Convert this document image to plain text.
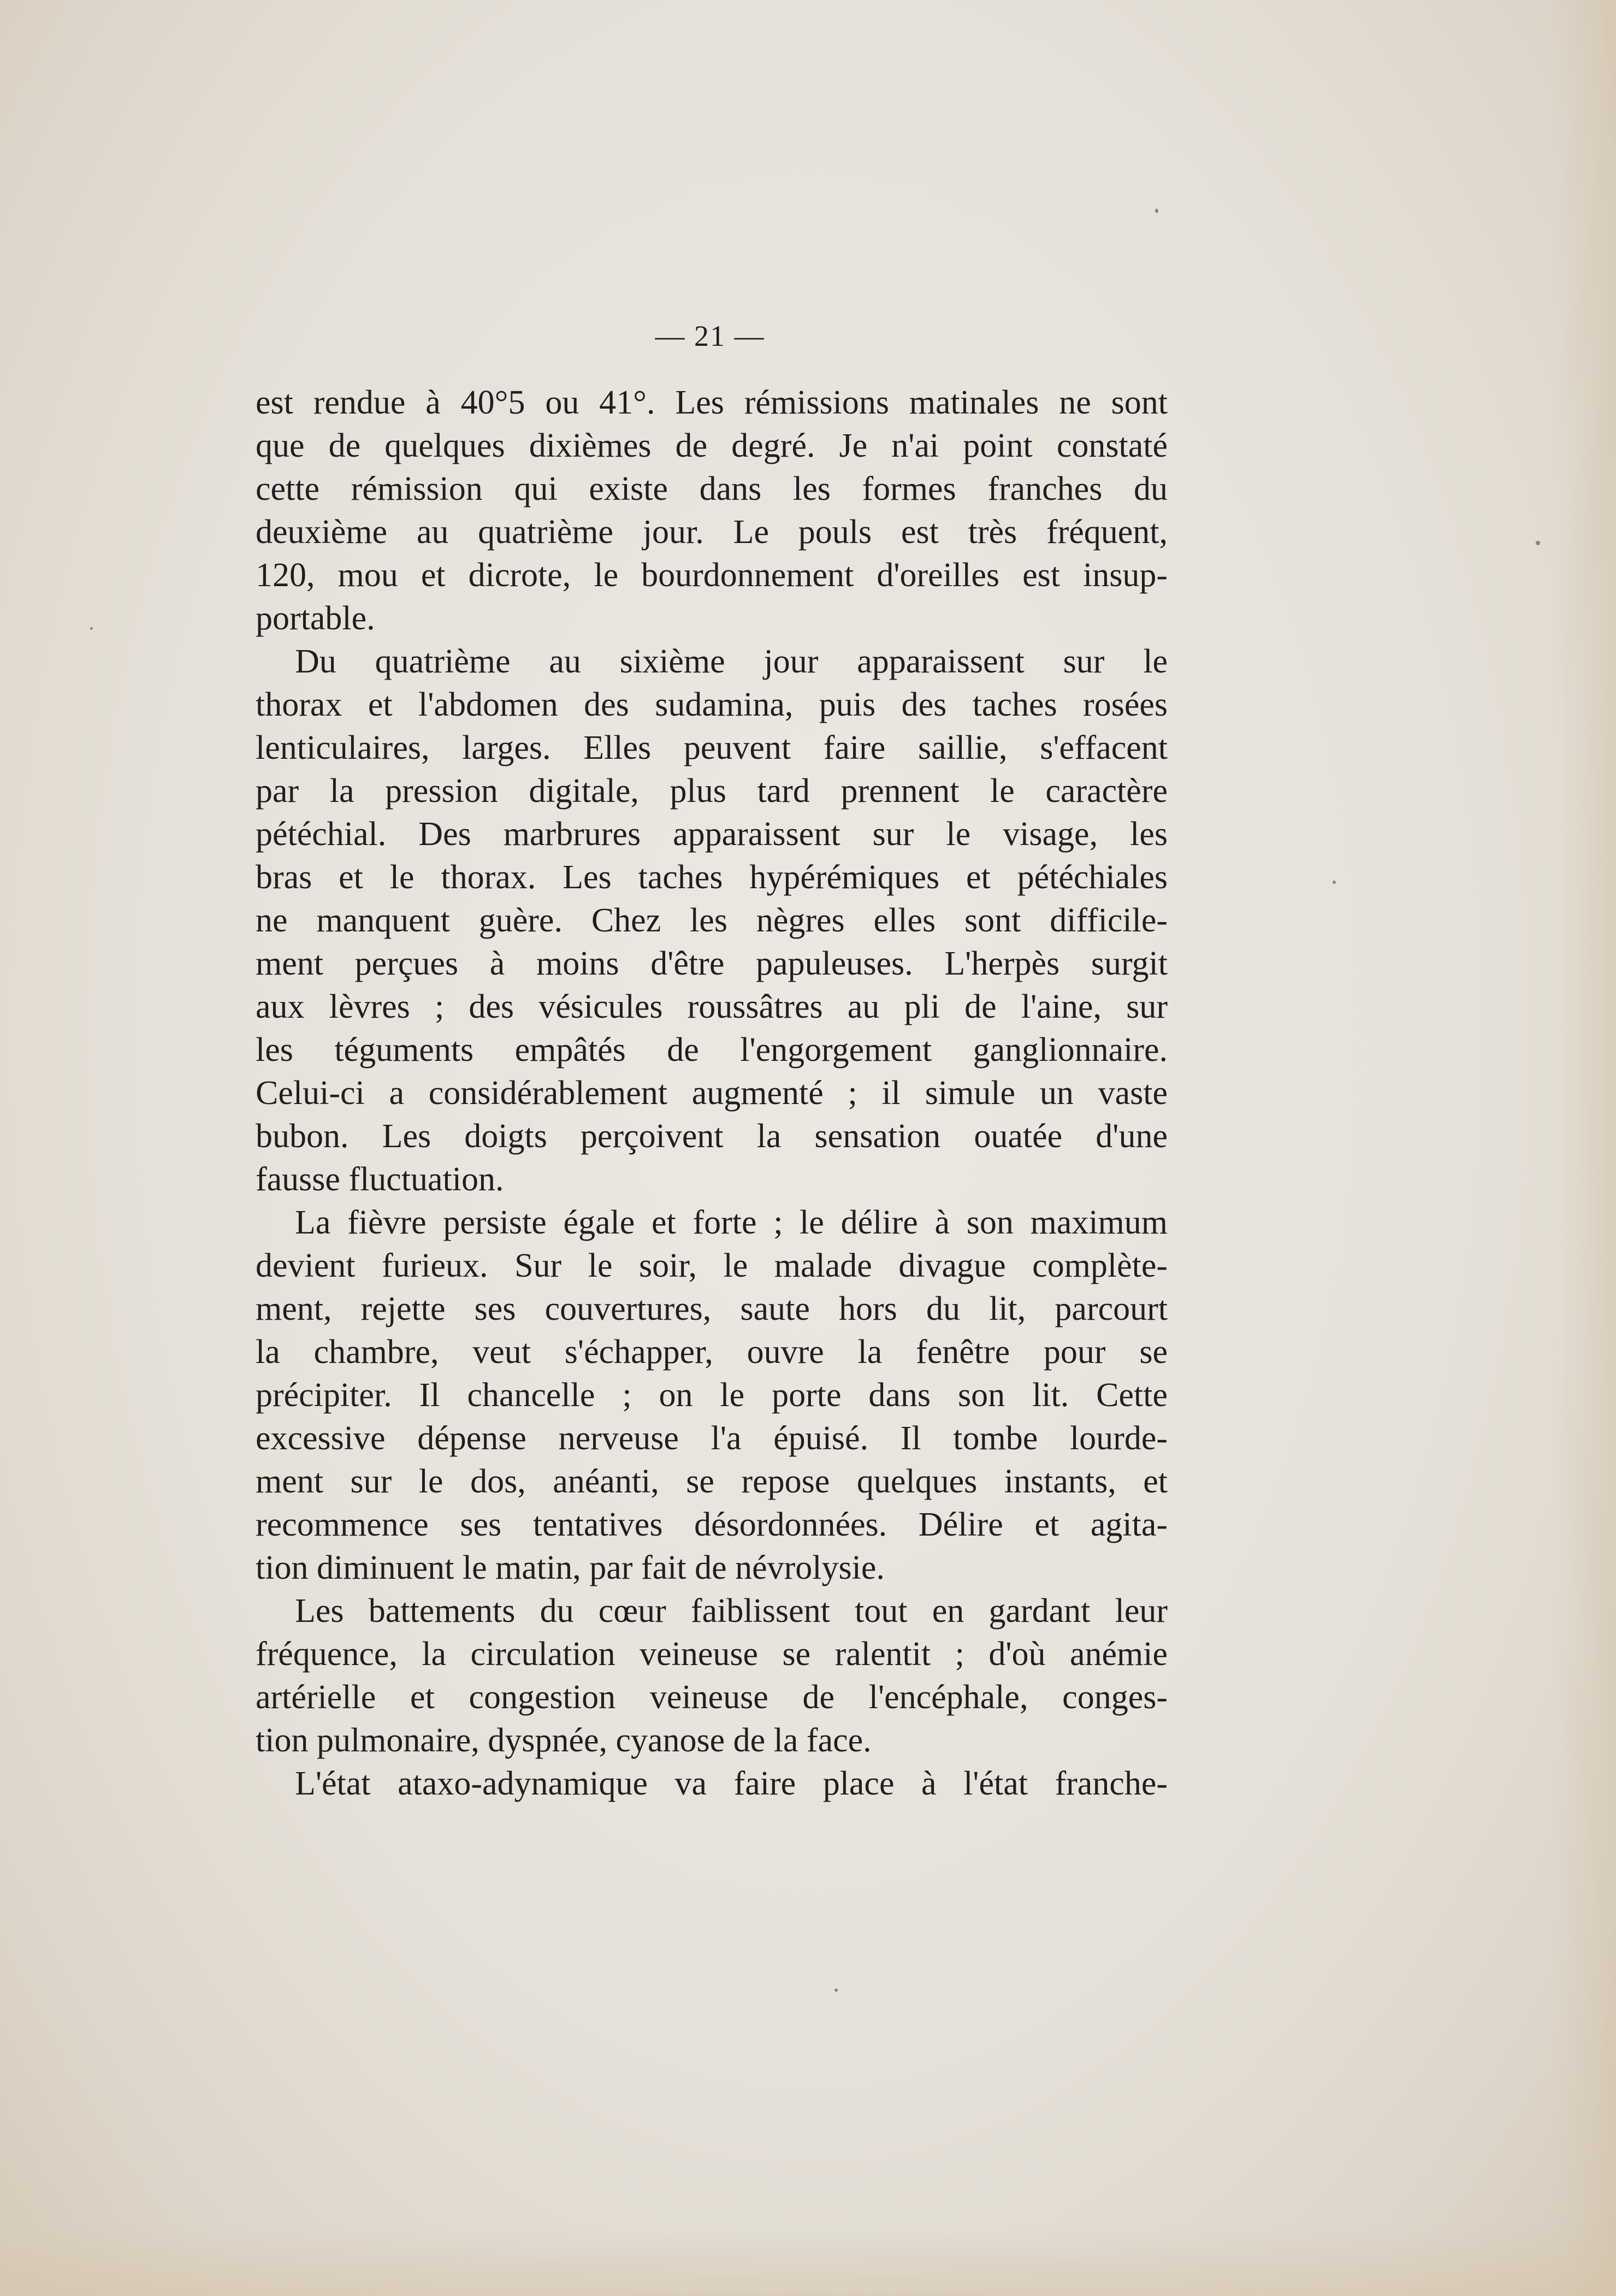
— 21 —
est rendue à 40°5 ou 41°. Les rémissions matinales ne sont
que de quelques dixièmes de degré. Je n'ai point constaté
cette rémission qui existe dans les formes franches du
deuxième au quatrième jour. Le pouls est très fréquent,
120, mou et dicrote, le bourdonnement d'oreilles est insup-
portable.
Du quatrième au sixième jour apparaissent sur le
thorax et l'abdomen des sudamina, puis des taches rosées
lenticulaires, larges. Elles peuvent faire saillie, s'effacent
par la pression digitale, plus tard prennent le caractère
pétéchial. Des marbrures apparaissent sur le visage, les
bras et le thorax. Les taches hypérémiques et pétéchiales
ne manquent guère. Chez les nègres elles sont difficile-
ment perçues à moins d'être papuleuses. L'herpès surgit
aux lèvres ; des vésicules roussâtres au pli de l'aine, sur
les téguments empâtés de l'engorgement ganglionnaire.
Celui-ci a considérablement augmenté ; il simule un vaste
bubon. Les doigts perçoivent la sensation ouatée d'une
fausse fluctuation.
La fièvre persiste égale et forte ; le délire à son maximum
devient furieux. Sur le soir, le malade divague complète-
ment, rejette ses couvertures, saute hors du lit, parcourt
la chambre, veut s'échapper, ouvre la fenêtre pour se
précipiter. Il chancelle ; on le porte dans son lit. Cette
excessive dépense nerveuse l'a épuisé. Il tombe lourde-
ment sur le dos, anéanti, se repose quelques instants, et
recommence ses tentatives désordonnées. Délire et agita-
tion diminuent le matin, par fait de névrolysie.
Les battements du cœur faiblissent tout en gardant leur
fréquence, la circulation veineuse se ralentit ; d'où anémie
artérielle et congestion veineuse de l'encéphale, conges-
tion pulmonaire, dyspnée, cyanose de la face.
L'état ataxo-adynamique va faire place à l'état franche-
